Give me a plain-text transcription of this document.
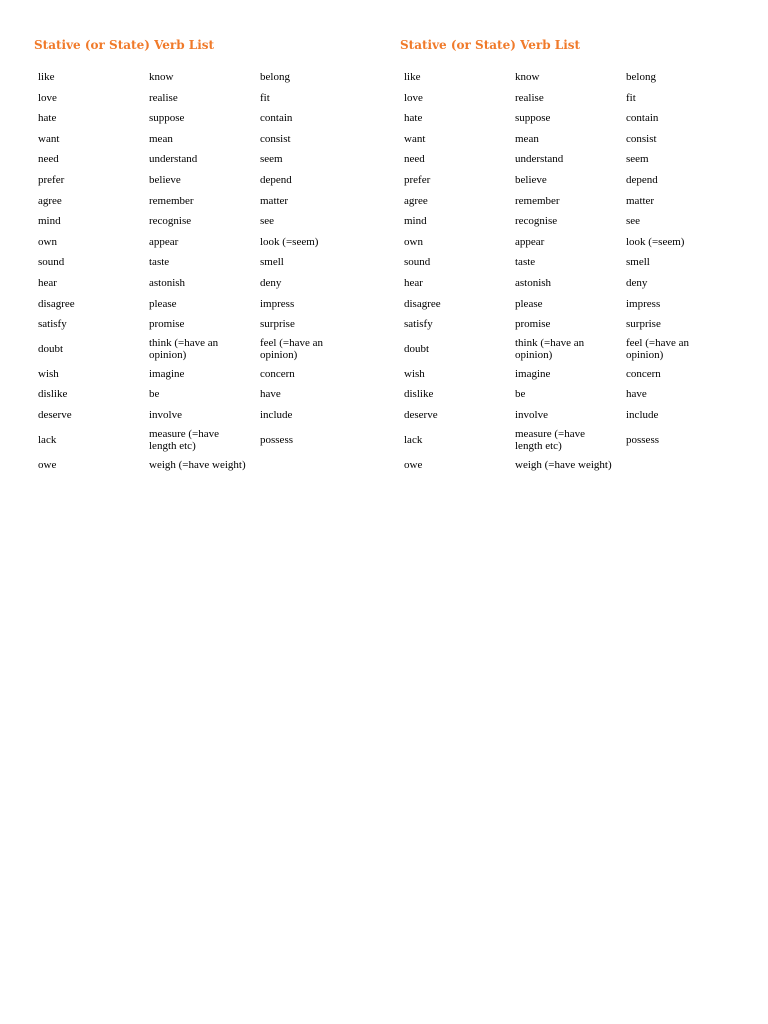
Stative (or State) Verb List
like	know	belong

love	realise	fit

hate	suppose	contain

want	mean	consist

need	understand	seem

prefer	believe	depend

agree	remember	matter

mind	recognise	see

own	appear	look (=seem)

sound	taste	smell

hear	astonish	deny

disagree	please	impress

satisfy	promise	surprise

doubt	think (=have an opinion)	feel (=have an opinion)

wish	imagine	concern

dislike	be	have

deserve	involve	include

lack	measure (=have length etc)	possess

owe	weigh (=have weight)	

Stative (or State) Verb List
like	know	belong

love	realise	fit

hate	suppose	contain

want	mean	consist

need	understand	seem

prefer	believe	depend

agree	remember	matter

mind	recognise	see

own	appear	look (=seem)

sound	taste	smell

hear	astonish	deny

disagree	please	impress

satisfy	promise	surprise

doubt	think (=have an opinion)	feel (=have an opinion)

wish	imagine	concern

dislike	be	have

deserve	involve	include

lack	measure (=have length etc)	possess

owe	weigh (=have weight)	
